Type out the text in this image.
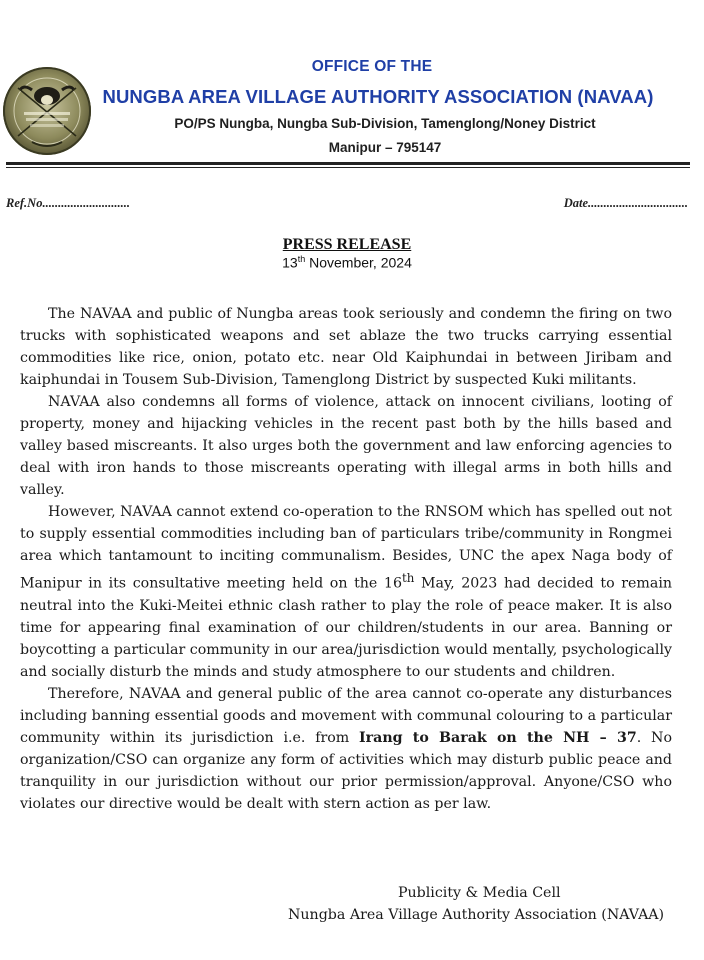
OFFICE OF THE
NUNGBA AREA VILLAGE AUTHORITY ASSOCIATION (NAVAA)
PO/PS Nungba, Nungba Sub-Division, Tamenglong/Noney District
Manipur – 795147
Ref.No............................	Date................................
PRESS RELEASE
13th November, 2024

The NAVAA and public of Nungba areas took seriously and condemn the firing on two trucks with sophisticated weapons and set ablaze the two trucks carrying essential commodities like rice, onion, potato etc. near Old Kaiphundai in between Jiribam and kaiphundai in Tousem Sub-Division, Tamenglong District by suspected Kuki militants.

NAVAA also condemns all forms of violence, attack on innocent civilians, looting of property, money and hijacking vehicles in the recent past both by the hills based and valley based miscreants. It also urges both the government and law enforcing agencies to deal with iron hands to those miscreants operating with illegal arms in both hills and valley.

However, NAVAA cannot extend co-operation to the RNSOM which has spelled out not to supply essential commodities including ban of particulars tribe/community in Rongmei area which tantamount to inciting communalism. Besides, UNC the apex Naga body of Manipur in its consultative meeting held on the 16th May, 2023 had decided to remain neutral into the Kuki-Meitei ethnic clash rather to play the role of peace maker. It is also time for appearing final examination of our children/students in our area. Banning or boycotting a particular community in our area/jurisdiction would mentally, psychologically and socially disturb the minds and study atmosphere to our students and children.

Therefore, NAVAA and general public of the area cannot co-operate any disturbances including banning essential goods and movement with communal colouring to a particular community within its jurisdiction i.e. from Irang to Barak on the NH – 37. No organization/CSO can organize any form of activities which may disturb public peace and tranquility in our jurisdiction without our prior permission/approval. Anyone/CSO who violates our directive would be dealt with stern action as per law.

Publicity & Media Cell
Nungba Area Village Authority Association (NAVAA)
